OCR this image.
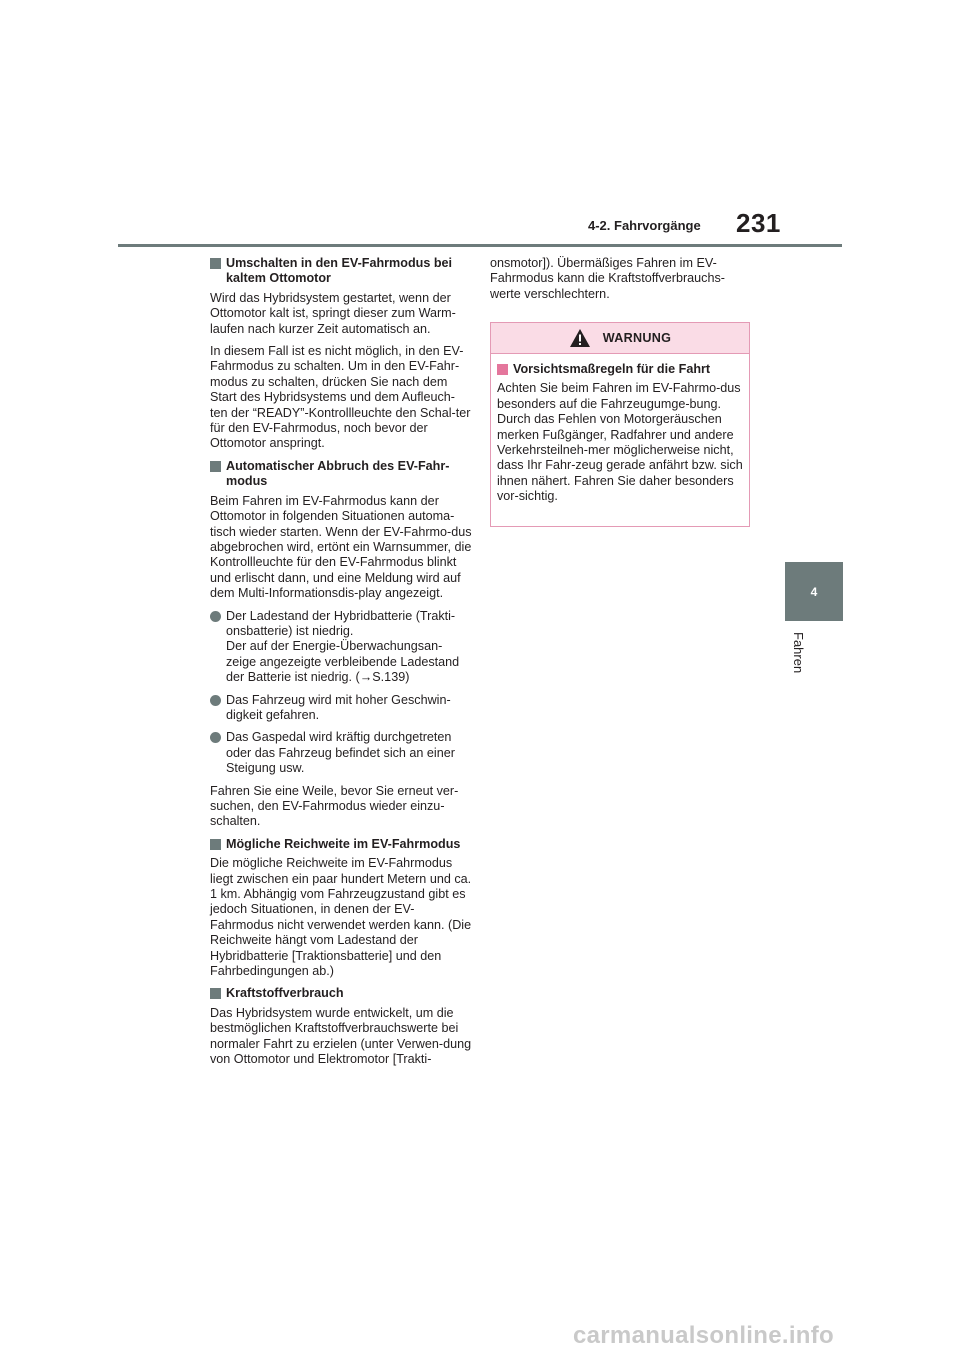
4-2. Fahrvorgänge 231
4
Fahren
Umschalten in den EV-Fahrmodus bei kaltem Ottomotor

Wird das Hybridsystem gestartet, wenn der Ottomotor kalt ist, springt dieser zum Warm-laufen nach kurzer Zeit automatisch an.

In diesem Fall ist es nicht möglich, in den EV-Fahrmodus zu schalten. Um in den EV-Fahr-modus zu schalten, drücken Sie nach dem Start des Hybridsystems und dem Aufleuch-ten der “READY”-Kontrollleuchte den Schal-ter für den EV-Fahrmodus, noch bevor der Ottomotor anspringt.

Automatischer Abbruch des EV-Fahr-modus

Beim Fahren im EV-Fahrmodus kann der Ottomotor in folgenden Situationen automa-tisch wieder starten. Wenn der EV-Fahrmo-dus abgebrochen wird, ertönt ein Warnsummer, die Kontrollleuchte für den EV-Fahrmodus blinkt und erlischt dann, und eine Meldung wird auf dem Multi-Informationsdis-play angezeigt.

Der Ladestand der Hybridbatterie (Trakti-onsbatterie) ist niedrig.
Der auf der Energie-Überwachungsan-zeige angezeigte verbleibende Ladestand der Batterie ist niedrig. (→S.139)
Das Fahrzeug wird mit hoher Geschwin-digkeit gefahren.
Das Gaspedal wird kräftig durchgetreten oder das Fahrzeug befindet sich an einer Steigung usw.

Fahren Sie eine Weile, bevor Sie erneut ver-suchen, den EV-Fahrmodus wieder einzu-schalten.

Mögliche Reichweite im EV-Fahrmodus

Die mögliche Reichweite im EV-Fahrmodus liegt zwischen ein paar hundert Metern und ca. 1 km. Abhängig vom Fahrzeugzustand gibt es jedoch Situationen, in denen der EV-Fahrmodus nicht verwendet werden kann. (Die Reichweite hängt vom Ladestand der Hybridbatterie [Traktionsbatterie] und den Fahrbedingungen ab.)

Kraftstoffverbrauch

Das Hybridsystem wurde entwickelt, um die bestmöglichen Kraftstoffverbrauchswerte bei normaler Fahrt zu erzielen (unter Verwen-dung von Ottomotor und Elektromotor [Trakti-

onsmotor]). Übermäßiges Fahren im EV-Fahrmodus kann die Kraftstoffverbrauchs-werte verschlechtern.

WARNUNG
Vorsichtsmaßregeln für die Fahrt

Achten Sie beim Fahren im EV-Fahrmo-dus besonders auf die Fahrzeugumge-bung. Durch das Fehlen von Motorgeräuschen merken Fußgänger, Radfahrer und andere Verkehrsteilneh-mer möglicherweise nicht, dass Ihr Fahr-zeug gerade anfährt bzw. sich ihnen nähert. Fahren Sie daher besonders vor-sichtig.

carmanualsonline.info
